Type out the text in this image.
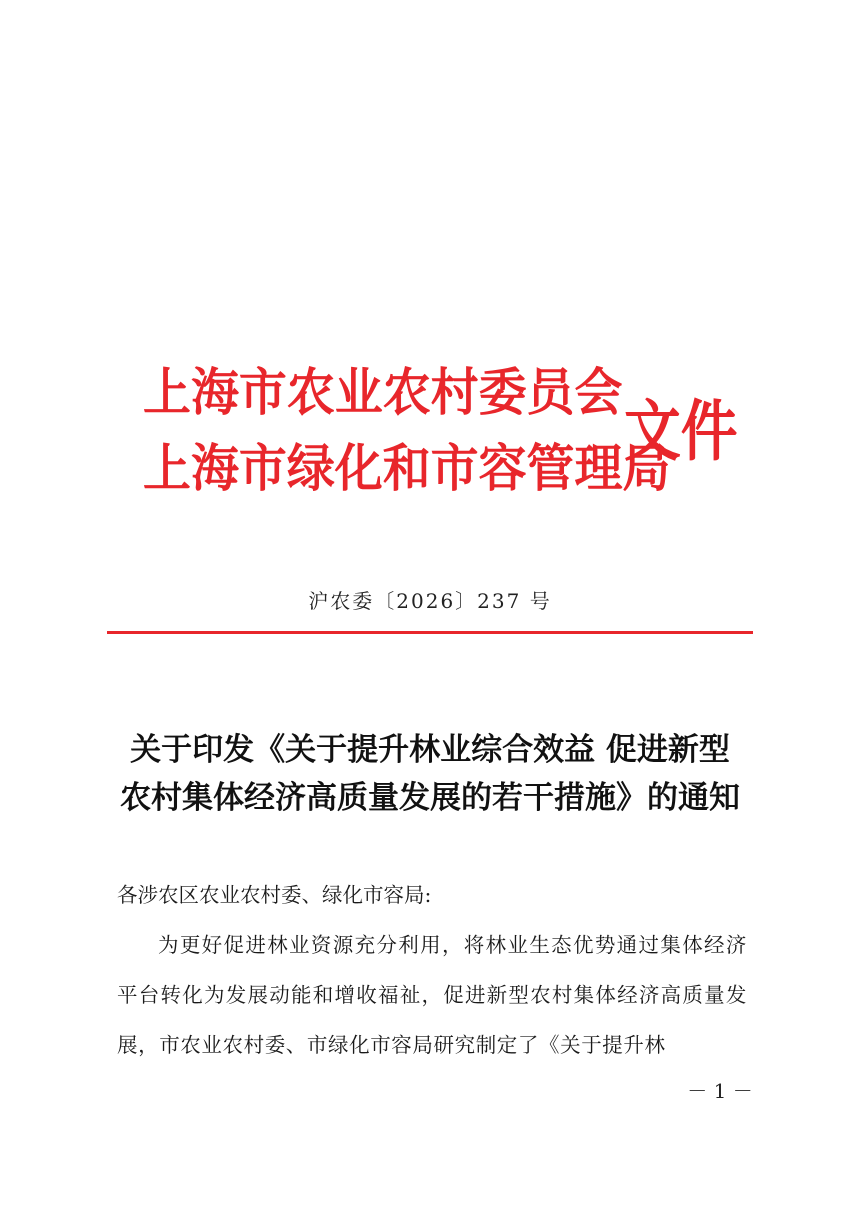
上海市农业农村委员会
上海市绿化和市容管理局
文件
沪农委〔2026〕237 号
关于印发《关于提升林业综合效益 促进新型
农村集体经济高质量发展的若干措施》的通知
各涉农区农业农村委、绿化市容局:
为更好促进林业资源充分利用，将林业生态优势通过集体经济平台转化为发展动能和增收福祉，促进新型农村集体经济高质量发展，市农业农村委、市绿化市容局研究制定了《关于提升林
－ 1 －
